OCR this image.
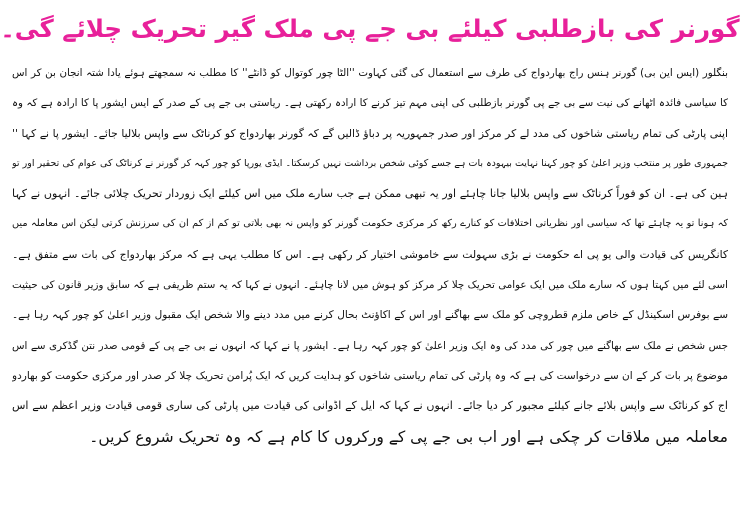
گورنر کی بازطلبی کیلئے بی جے پی ملک گیر تحریک چلائے گی۔
بنگلور (ایس این بی) گورنر ہنس راج بھاردواج کی طرف سے استعمال کی گئی کہاوت ''الٹا چور کوتوال کو ڈانٹے'' کا مطلب نہ سمجھتے ہوئے یادا شتہ انجان بن کر اس
کا سیاسی فائدہ اٹھانے کی نیت سے بی جے پی گورنر بازطلبی کی اپنی مہم تیز کرنے کا ارادہ رکھتی ہے۔ ریاستی بی جے پی کے صدر کے ایس ایشور پا کا ارادہ ہے کہ وہ
اپنی پارٹی کی تمام ریاستی شاخوں کی مدد لے کر مرکز اور صدر جمہوریہ پر دباؤ ڈالیں گے کہ گورنر بھاردواج کو کرناٹک سے واپس بلالیا جائے۔ ایشور پا نے کہا ''
جمہوری طور پر منتخب وزیر اعلیٰ کو چور کہنا نہایت بیہودہ بات ہے جسے کوئی شخص برداشت نہیں کرسکتا۔ ایڈی یورپا کو چور کہہ کر گورنر نے کرناٹک کی عوام کی تحقیر اور تو
ہین کی ہے۔ ان کو فوراً کرناٹک سے واپس بلالیا جانا چاہئے اور یہ تبھی ممکن ہے جب سارے ملک میں اس کیلئے ایک زوردار تحریک چلائی جائے۔ انہوں نے کہا
کہ ہونا تو یہ چاہئے تھا کہ سیاسی اور نظریاتی اختلافات کو کنارے رکھ کر مرکزی حکومت گورنر کو واپس نہ بھی بلاتی تو کم از کم ان کی سرزنش کرتی لیکن اس معاملہ میں
کانگریس کی قیادت والی یو پی اے حکومت نے بڑی سہولت سے خاموشی اختیار کر رکھی ہے۔ اس کا مطلب یہی ہے کہ مرکز بھاردواج کی بات سے متفق ہے۔
اسی لئے میں کہتا ہوں کہ سارے ملک میں ایک عوامی تحریک چلا کر مرکز کو ہوش میں لانا چاہئے۔ انہوں نے کہا کہ یہ ستم ظریفی ہے کہ سابق وزیر قانون کی حیثیت
سے بوفرس اسکینڈل کے خاص ملزم قطروچی کو ملک سے بھاگنے اور اس کے اکاؤنٹ بحال کرنے میں مدد دینے والا شخص ایک مقبول وزیر اعلیٰ کو چور کہہ رہا ہے۔
جس شخص نے ملک سے بھاگنے میں چور کی مدد کی وہ ایک وزیر اعلیٰ کو چور کہہ رہا ہے۔ ایشور پا نے کہا کہ انہوں نے بی جے پی کے قومی صدر نتن گڈکری سے اس
موضوع پر بات کر کے ان سے درخواست کی ہے کہ وہ پارٹی کی تمام ریاستی شاخوں کو ہدایت کریں کہ ایک پُرامن تحریک چلا کر صدر اور مرکزی حکومت کو بھاردو
اج کو کرناٹک سے واپس بلائے جانے کیلئے مجبور کر دیا جائے۔ انہوں نے کہا کہ ایل کے اڈوانی کی قیادت میں پارٹی کی ساری قومی قیادت وزیر اعظم سے اس
معاملہ میں ملاقات کر چکی ہے اور اب بی جے پی کے ورکروں کا کام ہے کہ وہ تحریک شروع کریں۔
